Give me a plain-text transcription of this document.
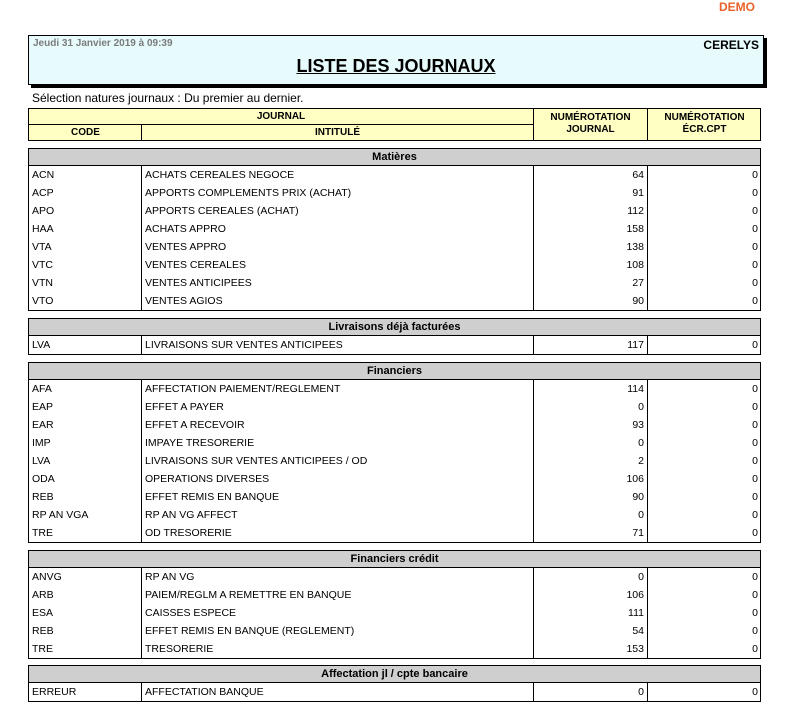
DEMO
Jeudi 31 Janvier 2019 à 09:39	CERELYS
LISTE DES JOURNAUX
Sélection natures journaux : Du premier au dernier.
JOURNAL
CODE	INTITULÉ
NUMÉROTATION
JOURNAL
NUMÉROTATION
ÉCR.CPT
Matières
ACN	ACHATS CEREALES NEGOCE	64	0
ACP	APPORTS COMPLEMENTS PRIX (ACHAT)	91	0
APO	APPORTS CEREALES (ACHAT)	112	0
HAA	ACHATS APPRO	158	0
VTA	VENTES APPRO	138	0
VTC	VENTES CEREALES	108	0
VTN	VENTES ANTICIPEES	27	0
VTO	VENTES AGIOS	90	0
Livraisons déjà facturées
LVA	LIVRAISONS SUR VENTES ANTICIPEES	117	0
Financiers
AFA	AFFECTATION PAIEMENT/REGLEMENT	114	0
EAP	EFFET A PAYER	0	0
EAR	EFFET A RECEVOIR	93	0
IMP	IMPAYE TRESORERIE	0	0
LVA	LIVRAISONS SUR VENTES ANTICIPEES / OD	2	0
ODA	OPERATIONS DIVERSES	106	0
REB	EFFET REMIS EN BANQUE	90	0
RP AN VGA	RP AN VG AFFECT	0	0
TRE	OD TRESORERIE	71	0
Financiers crédit
ANVG	RP AN VG	0	0
ARB	PAIEM/REGLM A REMETTRE EN BANQUE	106	0
ESA	CAISSES ESPECE	111	0
REB	EFFET REMIS EN BANQUE (REGLEMENT)	54	0
TRE	TRESORERIE	153	0
Affectation jl / cpte bancaire
ERREUR	AFFECTATION BANQUE	0	0
